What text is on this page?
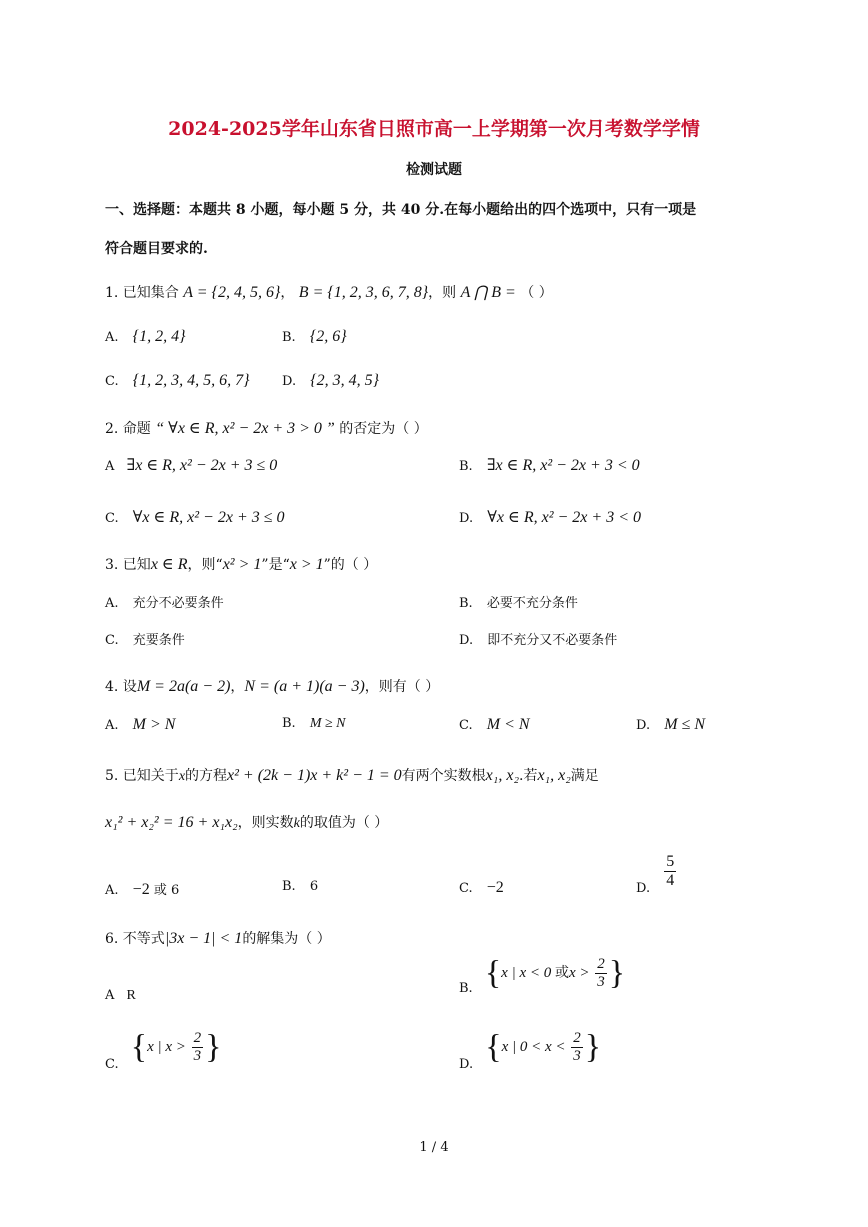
2024-2025学年山东省日照市高一上学期第一次月考数学学情
检测试题
一、选择题：本题共 8 小题，每小题 5 分，共 40 分.在每小题给出的四个选项中，只有一项是
符合题目要求的.
1. 已知集合 A = {2, 4, 5, 6}， B = {1, 2, 3, 6, 7, 8}，则 A ⋂ B = （ ）
A. {1, 2, 4}	B. {2, 6}
C. {1, 2, 3, 4, 5, 6, 7} D. {2, 3, 4, 5}
2. 命题 “ ∀x ∈ R, x² − 2x + 3 > 0 ” 的否定为（ ）
A ∃x ∈ R, x² − 2x + 3 ≤ 0	B. ∃x ∈ R, x² − 2x + 3 < 0
C. ∀x ∈ R, x² − 2x + 3 ≤ 0	D. ∀x ∈ R, x² − 2x + 3 < 0
3. 已知x ∈ R，则“x² > 1”是“x > 1”的（ ）
A. 充分不必要条件	B. 必要不充分条件
C. 充要条件	D. 即不充分又不必要条件
4. 设M = 2a(a − 2)，N = (a + 1)(a − 3)，则有（ ）
A. M > N	B. M ≥ N	C. M < N	D. M ≤ N
5. 已知关于x的方程x² + (2k − 1)x + k² − 1 = 0有两个实数根x₁, x₂.若x₁, x₂满足
x₁² + x₂² = 16 + x₁x₂，则实数k的取值为（ ）
A. −2 或 6	B. 6	C. −2	D. $\frac{5}{4}$
6. 不等式|3x − 1| < 1的解集为（ ）
A R	B. {x | x < 0 或$x > \frac{2}{3}$ }
C. {x | $x > \frac{2}{3}$ }	D. {x | $0 < x < \frac{2}{3}$ }
1 / 4
